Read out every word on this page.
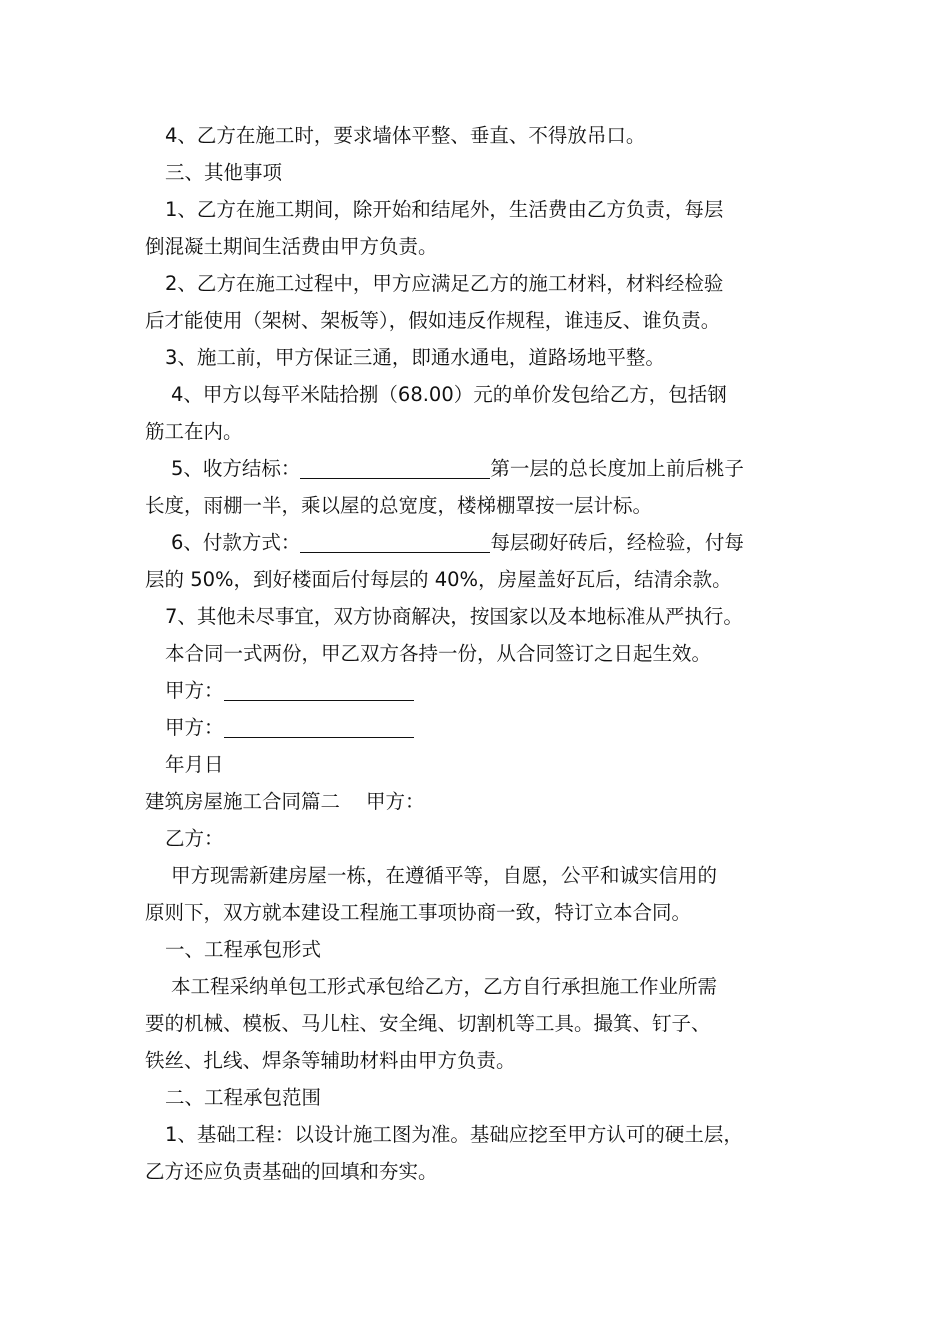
4、乙方在施工时，要求墙体平整、垂直、不得放吊口。

三、其他事项

1、乙方在施工期间，除开始和结尾外，生活费由乙方负责，每层

倒混凝土期间生活费由甲方负责。

2、乙方在施工过程中，甲方应满足乙方的施工材料，材料经检验

后才能使用（架树、架板等），假如违反作规程，谁违反、谁负责。

3、施工前，甲方保证三通，即通水通电，道路场地平整。

4、甲方以每平米陆拾捌（68.00）元的单价发包给乙方，包括钢

筋工在内。

5、收方结标：	第一层的总长度加上前后桃子

长度，雨棚一半，乘以屋的总宽度，楼梯棚罩按一层计标。

6、付款方式：	每层砌好砖后，经检验，付每

层的 50%，到好楼面后付每层的 40%，房屋盖好瓦后，结清余款。

7、其他未尽事宜，双方协商解决，按国家以及本地标准从严执行。

本合同一式两份，甲乙双方各持一份，从合同签订之日起生效。

甲方：

甲方：

年月日

建筑房屋施工合同篇二 甲方：

乙方：

甲方现需新建房屋一栋，在遵循平等，自愿，公平和诚实信用的

原则下，双方就本建设工程施工事项协商一致，特订立本合同。

一、工程承包形式

本工程采纳单包工形式承包给乙方，乙方自行承担施工作业所需

要的机械、模板、马儿柱、安全绳、切割机等工具。撮箕、钉子、

铁丝、扎线、焊条等辅助材料由甲方负责。

二、工程承包范围

1、基础工程：以设计施工图为准。基础应挖至甲方认可的硬土层，

乙方还应负责基础的回填和夯实。
